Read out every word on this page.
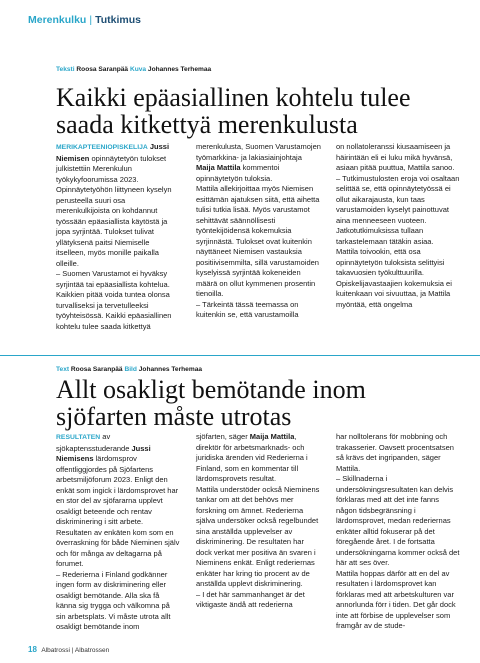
Merenkulku | Tutkimus
Teksti Roosa Saranpää Kuva Johannes Terhemaa
Kaikki epäasiallinen kohtelu tulee saada kitkettyä merenkulusta

MERIKAPTEENIOPISKELIJA Jussi Niemisen opinnäytetyön tulokset julkistettiin Merenkulun työkykyfoorumissa 2023. Opinnäytetyöhön liittyneen kyselyn perusteella suuri osa merenkulkijoista on kohdannut työssään epäasiallista käytöstä ja jopa syrjintää. Tulokset tulivat yllätyksenä paitsi Niemiselle itselleen, myös monille paikalla olleille.

– Suomen Varustamot ei hyväksy syrjintää tai epäasiallista kohtelua. Kaikkien pitää voida tuntea olonsa turvalliseksi ja tervetulleeksi työyhteisössä. Kaikki epäasiallinen kohtelu tulee saada kitkettyä

merenkulusta, Suomen Varustamojen työmarkkina- ja lakiasiainjohtaja Maija Mattila kommentoi opinnäytetyön tuloksia.

Mattila allekirjoittaa myös Niemisen esittämän ajatuksen siitä, että aihetta tulisi tutkia lisää. Myös varustamot sehittävät säännöllisesti työntekijöidensä kokemuksia syrjinnästä. Tulokset ovat kuitenkin näyttäneet Niemisen vastauksia positiivisemmilta, sillä varustamoiden kyselyissä syrjintää kokeneiden määrä on ollut kymmenen prosentin tienoilla.

– Tärkeintä tässä teemassa on kuitenkin se, että varustamoilla

on nollatoleranssi kiusaamiseen ja häirintään eli ei luku mikä hyvänsä, asiaan pitää puuttua, Mattila sanoo.

– Tutkimustulosten eroja voi osaltaan selittää se, että opinnäytetyössä ei ollut aikarajausta, kun taas varustamoiden kyselyt painottuvat aina menneeseen vuoteen. Jatkotutkimuksissa tullaan tarkastelemaan tätäkin asiaa.

Mattila toivookin, että osa opinnäytetyön tuloksista selittyisi takavuosien työkulttuurilla. Opiskelijavastaajien kokemuksia ei kuitenkaan voi sivuuttaa, ja Mattila myöntää, että ongelma

Text Roosa Saranpää Bild Johannes Terhemaa
Allt osakligt bemötande inom sjöfarten måste utrotas

RESULTATEN av sjökaptensstuderande Jussi Niemisens lärdomsprov offentliggjordes på Sjöfartens arbetsmiljöforum 2023. Enligt den enkät som ingick i lärdomsprovet har en stor del av sjöfararna upplevt osakligt beteende och rentav diskriminering i sitt arbete. Resultaten av enkäten kom som en överraskning för både Nieminen själv och för många av deltagarna på forumet.

– Rederierna i Finland godkänner ingen form av diskriminering eller osakligt bemötande. Alla ska få känna sig trygga och välkomna på sin arbetsplats. Vi måste utrota allt osakligt bemötande inom

sjöfarten, säger Maija Mattila, direktör för arbetsmarknads- och juridiska ärenden vid Rederierna i Finland, som en kommentar till lärdomsprovets resultat.

Mattila understöder också Nieminens tankar om att det behövs mer forskning om ämnet. Rederierna själva undersöker också regelbundet sina anställda upplevelser av diskriminering. De resultaten har dock verkat mer positiva än svaren i Nieminens enkät. Enligt rederiernas enkäter har kring tio procent av de anställda upplevt diskriminering.

– I det här sammanhanget är det viktigaste ändå att rederierna

har nolltolerans för mobbning och trakasserier. Oavsett procentsatsen så krävs det ingripanden, säger Mattila.

– Skillnaderna i undersökningsresultaten kan delvis förklaras med att det inte fanns någon tidsbegränsning i lärdomsprovet, medan rederiernas enkäter alltid fokuserar på det föregående året. I de fortsatta undersökningarna kommer också det här att ses över.

Mattila hoppas därför att en del av resultaten i lärdomsprovet kan förklaras med att arbetskulturen var annorlunda förr i tiden. Det går dock inte att förbise de upplevelser som framgår av de stude-

18 Albatrossi | Albatrossen
